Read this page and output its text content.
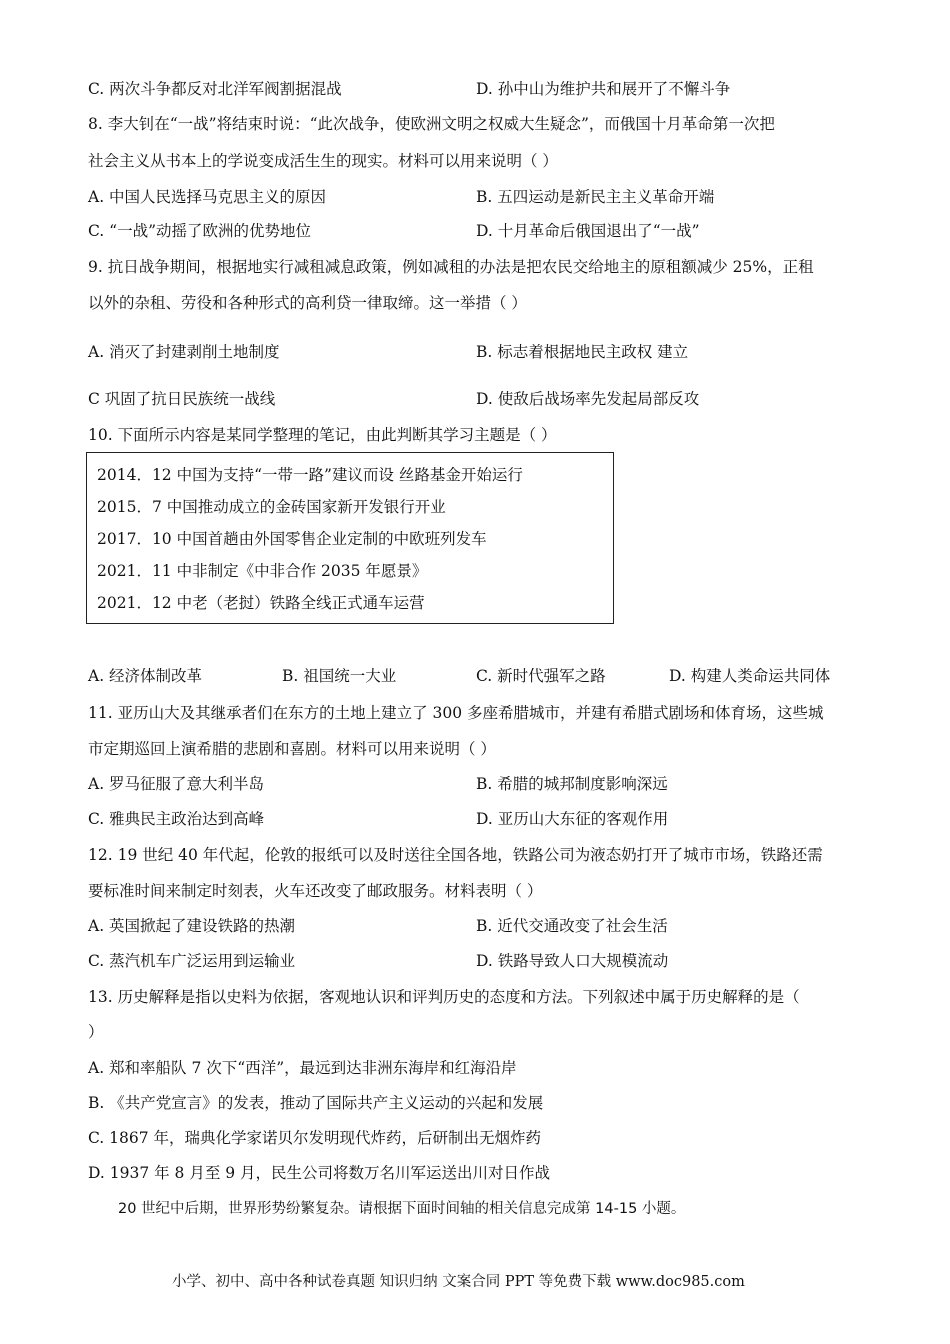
C. 两次斗争都反对北洋军阀割据混战	D. 孙中山为维护共和展开了不懈斗争
8. 李大钊在“一战”将结束时说：“此次战争，使欧洲文明之权威大生疑念”，而俄国十月革命第一次把
社会主义从书本上的学说变成活生生的现实。材料可以用来说明（ ）
A. 中国人民选择马克思主义的原因	B. 五四运动是新民主主义革命开端
C. “一战”动摇了欧洲的优势地位	D. 十月革命后俄国退出了“一战”
9. 抗日战争期间，根据地实行减租减息政策，例如减租的办法是把农民交给地主的原租额减少 25%，正租
以外的杂租、劳役和各种形式的高利贷一律取缔。这一举措（ ）
A. 消灭了封建剥削土地制度	B. 标志着根据地民主政权 建立
C 巩固了抗日民族统一战线	D. 使敌后战场率先发起局部反攻
10. 下面所示内容是某同学整理的笔记，由此判断其学习主题是（ ）
2014．12 中国为支持“一带一路”建议而设 丝路基金开始运行
2015．7 中国推动成立的金砖国家新开发银行开业
2017．10 中国首趟由外国零售企业定制的中欧班列发车
2021．11 中非制定《中非合作 2035 年愿景》
2021．12 中老（老挝）铁路全线正式通车运营
A. 经济体制改革	B. 祖国统一大业	C. 新时代强军之路	D. 构建人类命运共同体
11. 亚历山大及其继承者们在东方的土地上建立了 300 多座希腊城市，并建有希腊式剧场和体育场，这些城
市定期巡回上演希腊的悲剧和喜剧。材料可以用来说明（ ）
A. 罗马征服了意大利半岛	B. 希腊的城邦制度影响深远
C. 雅典民主政治达到高峰	D. 亚历山大东征的客观作用
12. 19 世纪 40 年代起，伦敦的报纸可以及时送往全国各地，铁路公司为液态奶打开了城市市场，铁路还需
要标准时间来制定时刻表，火车还改变了邮政服务。材料表明（ ）
A. 英国掀起了建设铁路的热潮	B. 近代交通改变了社会生活
C. 蒸汽机车广泛运用到运输业	D. 铁路导致人口大规模流动
13. 历史解释是指以史料为依据，客观地认识和评判历史的态度和方法。下列叙述中属于历史解释的是（
）
A. 郑和率船队 7 次下“西洋”，最远到达非洲东海岸和红海沿岸
B. 《共产党宣言》的发表，推动了国际共产主义运动的兴起和发展
C. 1867 年，瑞典化学家诺贝尔发明现代炸药，后研制出无烟炸药
D. 1937 年 8 月至 9 月，民生公司将数万名川军运送出川对日作战
20 世纪中后期，世界形势纷繁复杂。请根据下面时间轴的相关信息完成第 14-15 小题。
小学、初中、高中各种试卷真题 知识归纳 文案合同 PPT 等免费下载 www.doc985.com
